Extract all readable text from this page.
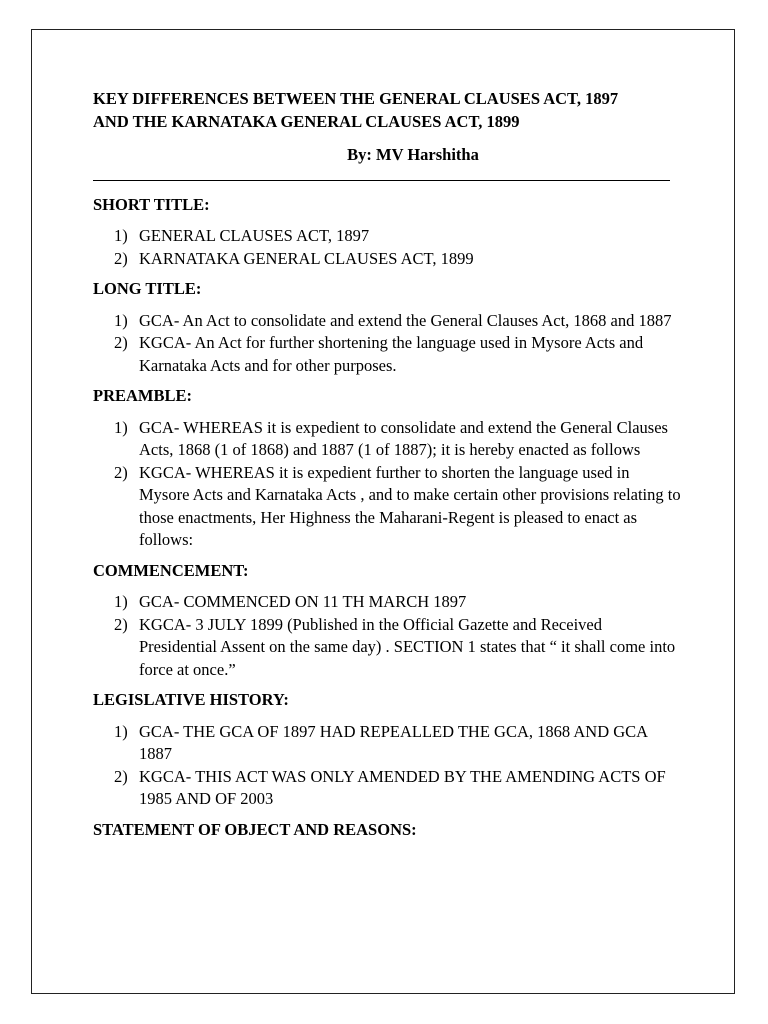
KEY DIFFERENCES BETWEEN THE GENERAL CLAUSES ACT, 1897
AND THE KARNATAKA GENERAL CLAUSES ACT, 1899

By: MV Harshitha

SHORT TITLE:

GENERAL CLAUSES ACT, 1897
KARNATAKA GENERAL CLAUSES ACT, 1899

LONG TITLE:

GCA- An Act to consolidate and extend the General Clauses Act, 1868 and 1887
KGCA- An Act for further shortening the language used in Mysore Acts and Karnataka Acts and for other purposes.

PREAMBLE:

GCA- WHEREAS it is expedient to consolidate and extend the General Clauses Acts, 1868 (1 of 1868) and 1887 (1 of 1887); it is hereby enacted as follows
KGCA- WHEREAS it is expedient further to shorten the language used in Mysore Acts and Karnataka Acts , and to make certain other provisions relating to those enactments, Her Highness the Maharani-Regent is pleased to enact as follows:

COMMENCEMENT:

GCA- COMMENCED ON 11 TH MARCH 1897
KGCA- 3 JULY 1899 (Published in the Official Gazette and Received Presidential Assent on the same day) . SECTION 1 states that “ it shall come into force at once.”

LEGISLATIVE HISTORY:

GCA- THE GCA OF 1897 HAD REPEALLED THE GCA, 1868 AND GCA 1887
KGCA- THIS ACT WAS ONLY AMENDED BY THE AMENDING ACTS OF 1985 AND OF 2003

STATEMENT OF OBJECT AND REASONS:
